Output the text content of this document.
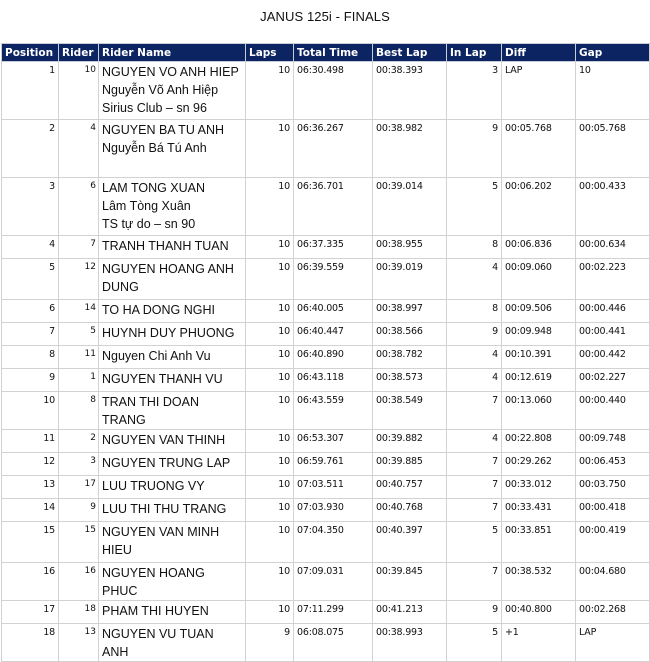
JANUS 125i - FINALS
Position	Rider	Rider Name	Laps	Total Time	Best Lap	In Lap	Diff	Gap
1	10	NGUYEN VO ANH HIEP
Nguyễn Võ Anh Hiệp
Sirius Club – sn 96	10	06:30.498	00:38.393	3	LAP	10
2	4	NGUYEN BA TU ANH
Nguyễn Bá Tú Anh	10	06:36.267	00:38.982	9	00:05.768	00:05.768
3	6	LAM TONG XUAN
Lâm Tòng Xuân
TS tự do – sn 90	10	06:36.701	00:39.014	5	00:06.202	00:00.433
4	7	TRANH THANH TUAN	10	06:37.335	00:38.955	8	00:06.836	00:00.634
5	12	NGUYEN HOANG ANH DUNG	10	06:39.559	00:39.019	4	00:09.060	00:02.223
6	14	TO HA DONG NGHI	10	06:40.005	00:38.997	8	00:09.506	00:00.446
7	5	HUYNH DUY PHUONG	10	06:40.447	00:38.566	9	00:09.948	00:00.441
8	11	Nguyen Chi Anh Vu	10	06:40.890	00:38.782	4	00:10.391	00:00.442
9	1	NGUYEN THANH VU	10	06:43.118	00:38.573	4	00:12.619	00:02.227
10	8	TRAN THI DOAN TRANG	10	06:43.559	00:38.549	7	00:13.060	00:00.440
11	2	NGUYEN VAN THINH	10	06:53.307	00:39.882	4	00:22.808	00:09.748
12	3	NGUYEN TRUNG LAP	10	06:59.761	00:39.885	7	00:29.262	00:06.453
13	17	LUU TRUONG VY	10	07:03.511	00:40.757	7	00:33.012	00:03.750
14	9	LUU THI THU TRANG	10	07:03.930	00:40.768	7	00:33.431	00:00.418
15	15	NGUYEN VAN MINH HIEU	10	07:04.350	00:40.397	5	00:33.851	00:00.419
16	16	NGUYEN HOANG PHUC	10	07:09.031	00:39.845	7	00:38.532	00:04.680
17	18	PHAM THI HUYEN	10	07:11.299	00:41.213	9	00:40.800	00:02.268
18	13	NGUYEN VU TUAN ANH	9	06:08.075	00:38.993	5	+1	LAP
